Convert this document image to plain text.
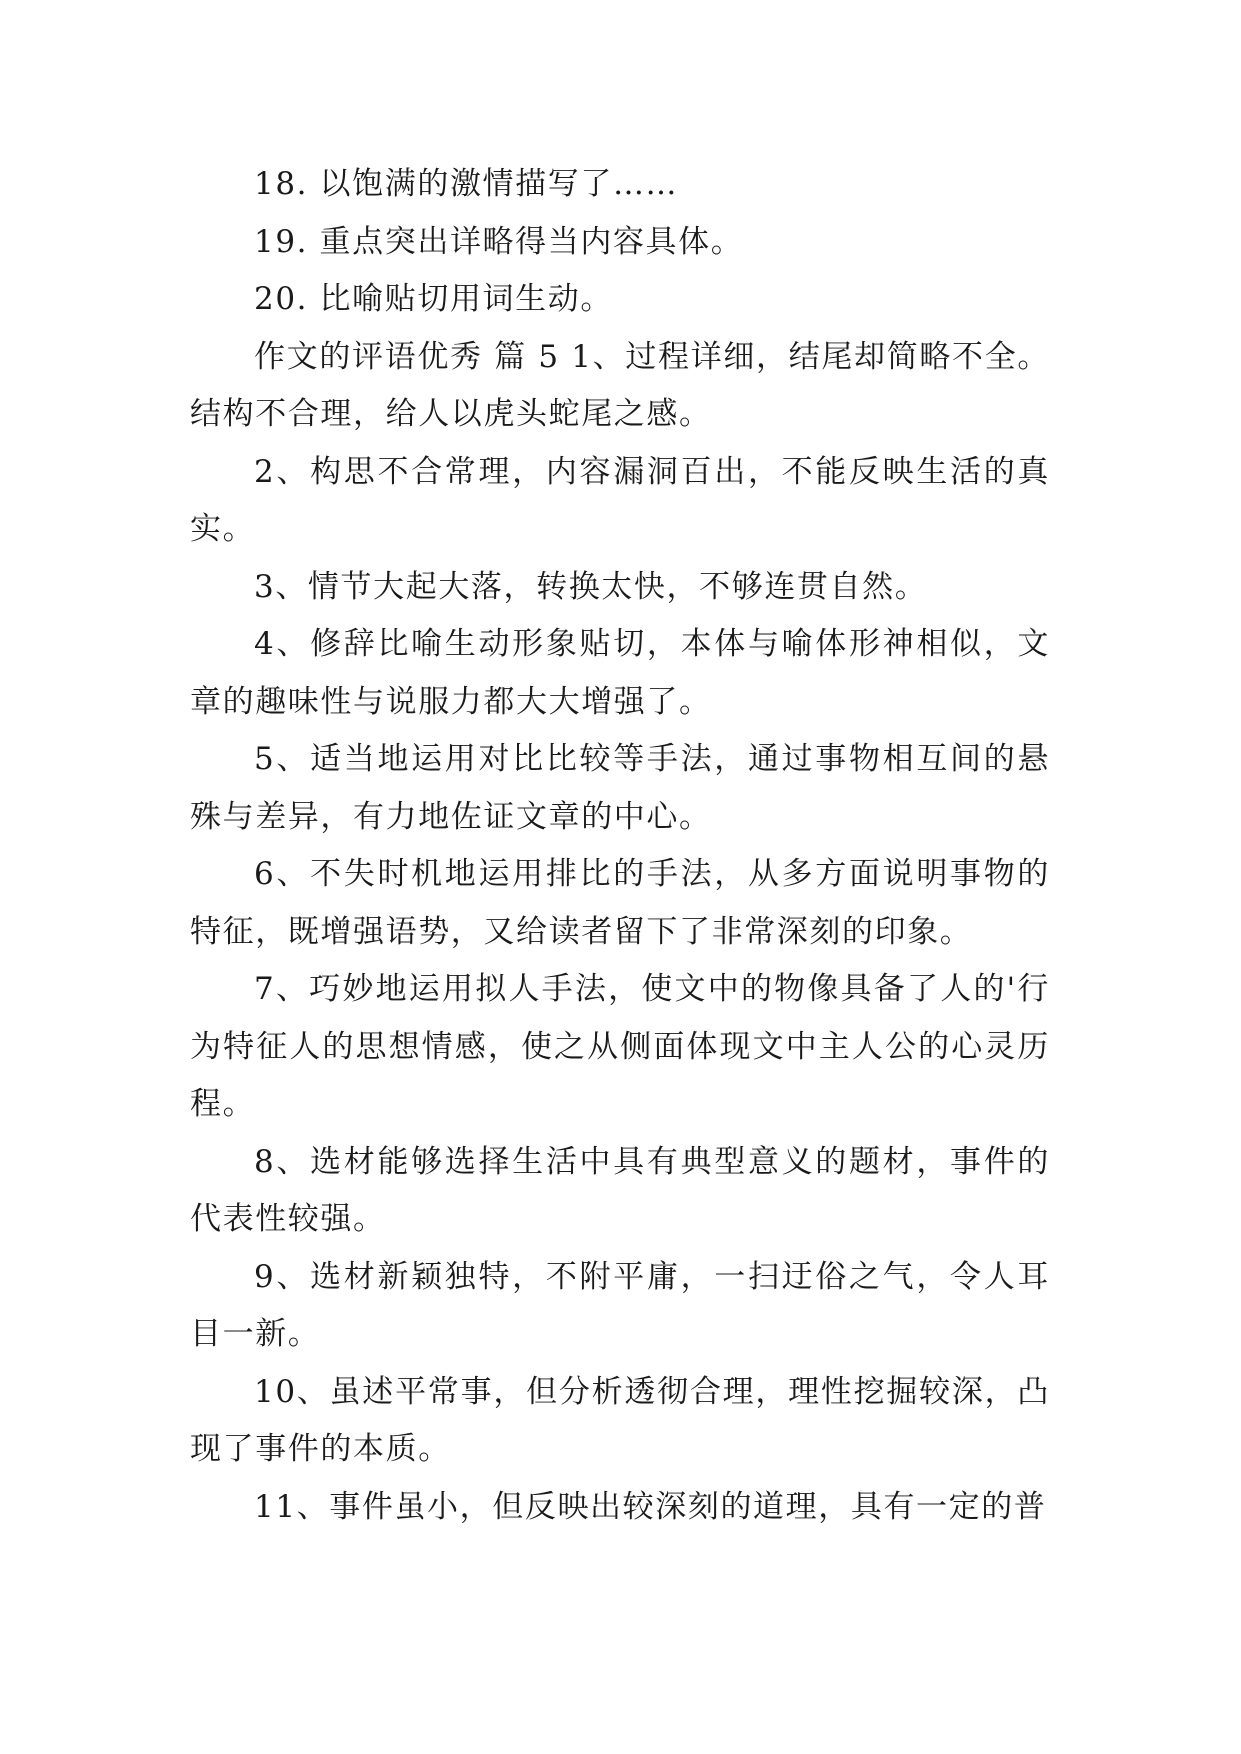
18. 以饱满的激情描写了……

19. 重点突出详略得当内容具体。

20. 比喻贴切用词生动。

作文的评语优秀 篇 5 1、过程详细，结尾却简略不全。结构不合理，给人以虎头蛇尾之感。

2、构思不合常理，内容漏洞百出，不能反映生活的真实。

3、情节大起大落，转换太快，不够连贯自然。

4、修辞比喻生动形象贴切，本体与喻体形神相似，文章的趣味性与说服力都大大增强了。

5、适当地运用对比比较等手法，通过事物相互间的悬殊与差异，有力地佐证文章的中心。

6、不失时机地运用排比的手法，从多方面说明事物的特征，既增强语势，又给读者留下了非常深刻的印象。

7、巧妙地运用拟人手法，使文中的物像具备了人的'行为特征人的思想情感，使之从侧面体现文中主人公的心灵历程。

8、选材能够选择生活中具有典型意义的题材，事件的代表性较强。

9、选材新颖独特，不附平庸，一扫迂俗之气，令人耳目一新。

10、虽述平常事，但分析透彻合理，理性挖掘较深，凸现了事件的本质。

11、事件虽小，但反映出较深刻的道理，具有一定的普
